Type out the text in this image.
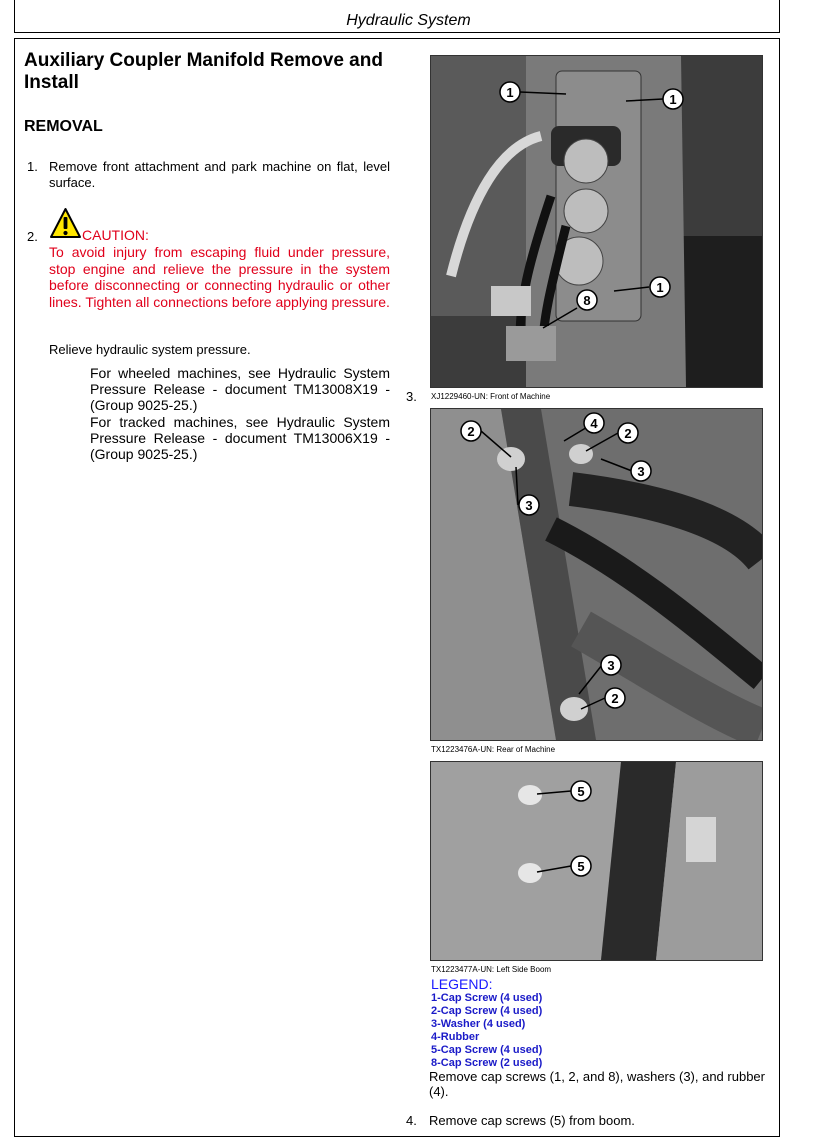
Hydraulic System
Auxiliary Coupler Manifold Remove and
Install
REMOVAL
1. Remove front attachment and park machine on flat, level surface.
2.	CAUTION:
To avoid injury from escaping fluid under pressure, stop engine and relieve the pressure in the system before disconnecting or connecting hydraulic or other lines. Tighten all connections before applying pressure.
Relieve hydraulic system pressure.
For wheeled machines, see Hydraulic System Pressure Release - document TM13008X19 - (Group 9025-25.)
For tracked machines, see Hydraulic System Pressure Release - document TM13006X19 - (Group 9025-25.)
3.
1	1
1
8
XJ1229460-UN: Front of Machine
2
4
2
3
3
3
2
TX1223476A-UN: Rear of Machine
5
5
TX1223477A-UN: Left Side Boom
LEGEND:
1-Cap Screw (4 used)
2-Cap Screw (4 used)
3-Washer (4 used)
4-Rubber
5-Cap Screw (4 used)
8-Cap Screw (2 used)
Remove cap screws (1, 2, and 8), washers (3), and rubber
(4).
4. Remove cap screws (5) from boom.
